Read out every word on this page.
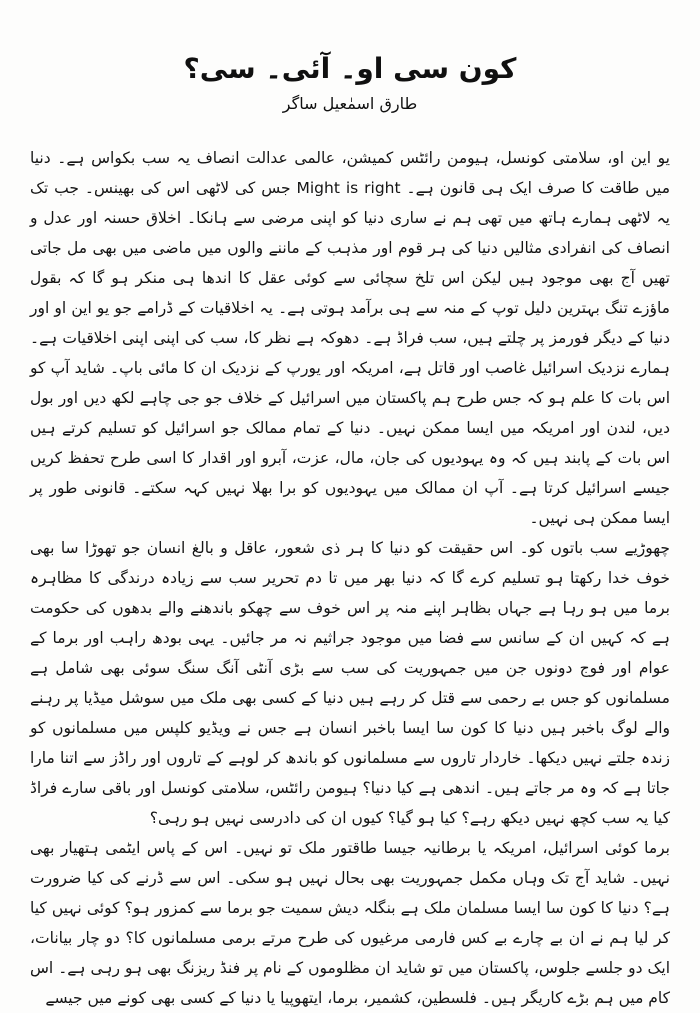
کون سی او۔ آئی۔ سی؟
طارق اسمٰعیل ساگر

یو این او، سلامتی کونسل، ہیومن رائٹس کمیشن، عالمی عدالت انصاف یہ سب بکواس ہے۔ دنیا میں طاقت کا صرف ایک ہی قانون ہے۔ Might is right جس کی لاٹھی اس کی بھینس۔ جب تک یہ لاٹھی ہمارے ہاتھ میں تھی ہم نے ساری دنیا کو اپنی مرضی سے ہانکا۔ اخلاق حسنہ اور عدل و انصاف کی انفرادی مثالیں دنیا کی ہر قوم اور مذہب کے ماننے والوں میں ماضی میں بھی مل جاتی تھیں آج بھی موجود ہیں لیکن اس تلخ سچائی سے کوئی عقل کا اندھا ہی منکر ہو گا کہ بقول ماؤزے تنگ بہترین دلیل توپ کے منہ سے ہی برآمد ہوتی ہے۔ یہ اخلاقیات کے ڈرامے جو یو این او اور دنیا کے دیگر فورمز پر چلتے ہیں، سب فراڈ ہے۔ دھوکہ ہے نظر کا، سب کی اپنی اپنی اخلاقیات ہے۔ ہمارے نزدیک اسرائیل غاصب اور قاتل ہے، امریکہ اور یورپ کے نزدیک ان کا مائی باپ۔ شاید آپ کو اس بات کا علم ہو کہ جس طرح ہم پاکستان میں اسرائیل کے خلاف جو جی چاہے لکھ دیں اور بول دیں، لندن اور امریکہ میں ایسا ممکن نہیں۔ دنیا کے تمام ممالک جو اسرائیل کو تسلیم کرتے ہیں اس بات کے پابند ہیں کہ وہ یہودیوں کی جان، مال، عزت، آبرو اور اقدار کا اسی طرح تحفظ کریں جیسے اسرائیل کرتا ہے۔ آپ ان ممالک میں یہودیوں کو برا بھلا نہیں کہہ سکتے۔ قانونی طور پر ایسا ممکن ہی نہیں۔

چھوڑیے سب باتوں کو۔ اس حقیقت کو دنیا کا ہر ذی شعور، عاقل و بالغ انسان جو تھوڑا سا بھی خوف خدا رکھتا ہو تسلیم کرے گا کہ دنیا بھر میں تا دم تحریر سب سے زیادہ درندگی کا مظاہرہ برما میں ہو رہا ہے جہاں بظاہر اپنے منہ پر اس خوف سے چھکو باندھنے والے بدھوں کی حکومت ہے کہ کہیں ان کے سانس سے فضا میں موجود جراثیم نہ مر جائیں۔ یہی بودھ راہب اور برما کے عوام اور فوج دونوں جن میں جمہوریت کی سب سے بڑی آنٹی آنگ سنگ سوئی بھی شامل ہے مسلمانوں کو جس بے رحمی سے قتل کر رہے ہیں دنیا کے کسی بھی ملک میں سوشل میڈیا پر رہنے والے لوگ باخبر ہیں دنیا کا کون سا ایسا باخبر انسان ہے جس نے ویڈیو کلپس میں مسلمانوں کو زندہ جلتے نہیں دیکھا۔ خاردار تاروں سے مسلمانوں کو باندھ کر لوہے کے تاروں اور راڈز سے اتنا مارا جاتا ہے کہ وہ مر جاتے ہیں۔ اندھی ہے کیا دنیا؟ ہیومن رائٹس، سلامتی کونسل اور باقی سارے فراڈ کیا یہ سب کچھ نہیں دیکھ رہے؟ کیا ہو گیا؟ کیوں ان کی دادرسی نہیں ہو رہی؟

برما کوئی اسرائیل، امریکہ یا برطانیہ جیسا طاقتور ملک تو نہیں۔ اس کے پاس ایٹمی ہتھیار بھی نہیں۔ شاید آج تک وہاں مکمل جمہوریت بھی بحال نہیں ہو سکی۔ اس سے ڈرنے کی کیا ضرورت ہے؟ دنیا کا کون سا ایسا مسلمان ملک ہے بنگلہ دیش سمیت جو برما سے کمزور ہو؟ کوئی نہیں کیا کر لیا ہم نے ان بے چارے بے کس فارمی مرغیوں کی طرح مرتے برمی مسلمانوں کا؟ دو چار بیانات، ایک دو جلسے جلوس، پاکستان میں تو شاید ان مظلوموں کے نام پر فنڈ ریزنگ بھی ہو رہی ہے۔ اس کام میں ہم بڑے کاریگر ہیں۔ فلسطین، کشمیر، برما، ایتھوپیا یا دنیا کے کسی بھی کونے میں جیسے
